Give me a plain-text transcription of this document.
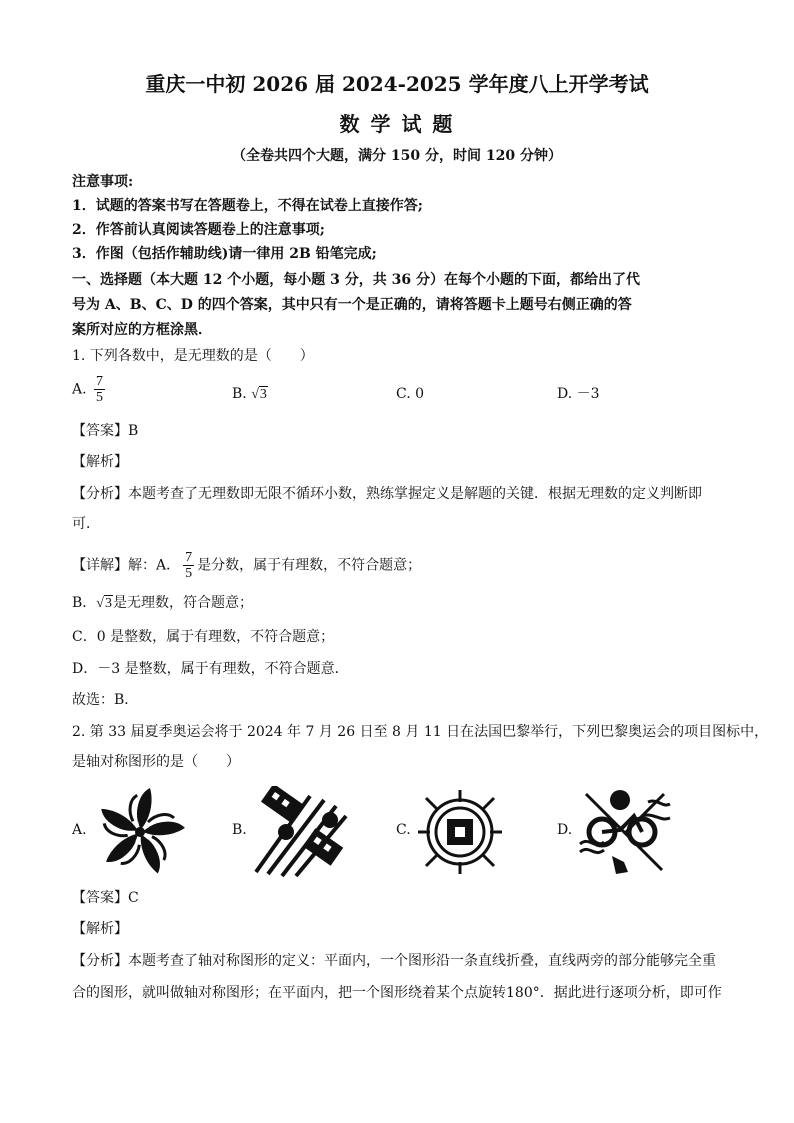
重庆一中初 2026 届 2024-2025 学年度八上开学考试
数 学 试 题
（全卷共四个大题，满分 150 分，时间 120 分钟）
注意事项:
1．试题的答案书写在答题卷上，不得在试卷上直接作答;
2．作答前认真阅读答题卷上的注意事项;
3．作图（包括作辅助线)请一律用 2B 铅笔完成;
一、选择题（本大题 12 个小题，每小题 3 分，共 36 分）在每个小题的下面，都给出了代
号为 A、B、C、D 的四个答案，其中只有一个是正确的，请将答题卡上题号右侧正确的答
案所对应的方框涂黑．
1. 下列各数中，是无理数的是（　　）
A. $\frac{7}{5}$	B. √3	C. 0	D. －3
【答案】B
【解析】
【分析】本题考查了无理数即无限不循环小数，熟练掌握定义是解题的关键．根据无理数的定义判断即
可．
【详解】解：A． $\frac{7}{5}$ 是分数，属于有理数，不符合题意；
B．√3是无理数，符合题意；
C．0 是整数，属于有理数，不符合题意；
D．－3 是整数，属于有理数，不符合题意．
故选：B．
2. 第 33 届夏季奥运会将于 2024 年 7 月 26 日至 8 月 11 日在法国巴黎举行，下列巴黎奥运会的项目图标中，
是轴对称图形的是（　　）
A.	B.	C.	D.
【答案】C
【解析】
【分析】本题考查了轴对称图形的定义：平面内，一个图形沿一条直线折叠，直线两旁的部分能够完全重
合的图形，就叫做轴对称图形；在平面内，把一个图形绕着某个点旋转180°．据此进行逐项分析，即可作
